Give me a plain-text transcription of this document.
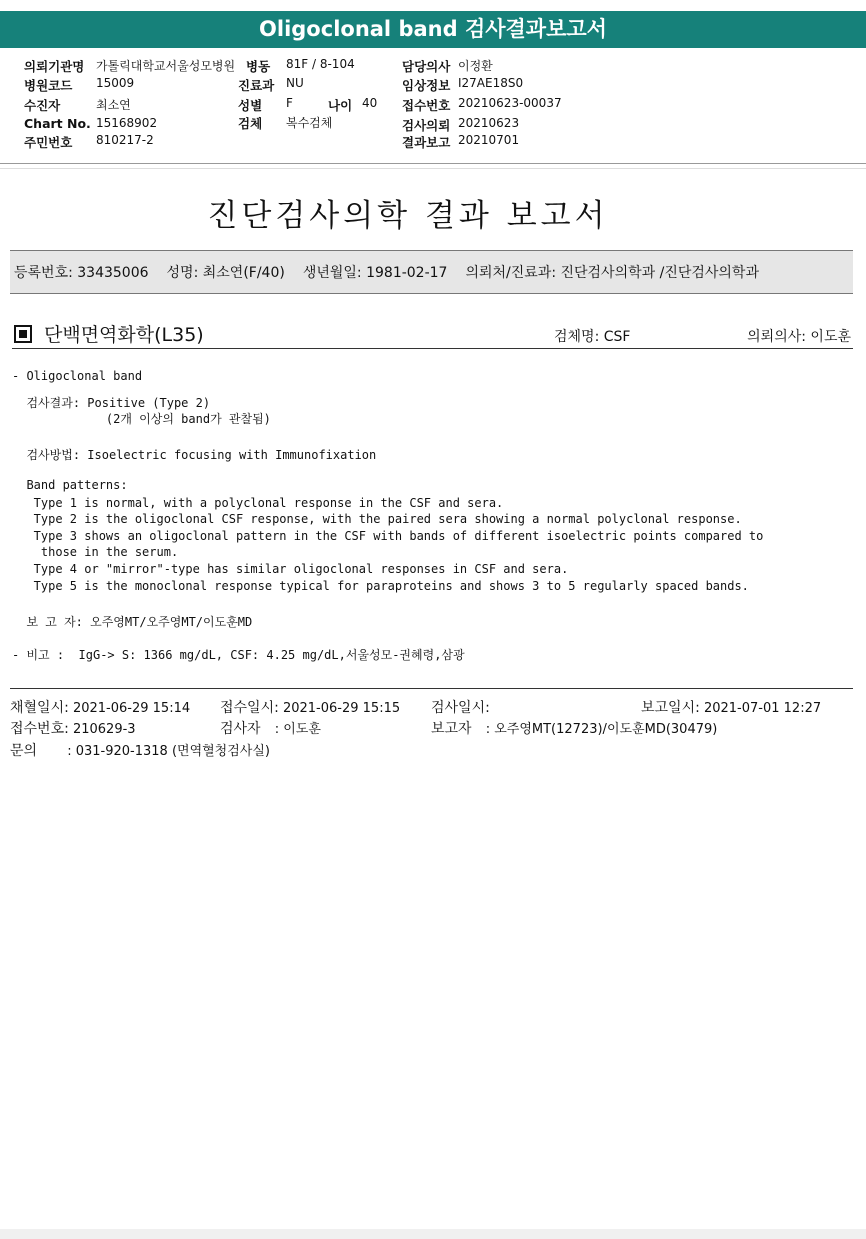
Oligoclonal band 검사결과보고서
의뢰기관명 가톨릭대학교서울성모병원 병동 81F / 8-104	담당의사 이정환
병원코드 15009	진료과 NU	임상정보 I27AE18S0
수진자	최소연	성별 F	나이 40 접수번호 20210623-00037
Chart No. 15168902	검체 복수검체	검사의뢰 20210623
주민번호 810217-2	결과보고 20210701
진단검사의학 결과 보고서
등록번호: 33435006 성명: 최소연(F/40) 생년월일: 1981-02-17 의뢰처/진료과: 진단검사의학과 /진단검사의학과
단백면역화학(L35)	검체명: CSF	의뢰의사: 이도훈
- Oligoclonal band
검사결과: Positive (Type 2)
(2개 이상의 band가 관찰됨)
검사방법: Isoelectric focusing with Immunofixation
Band patterns:
Type 1 is normal, with a polyclonal response in the CSF and sera.
Type 2 is the oligoclonal CSF response, with the paired sera showing a normal polyclonal response.
Type 3 shows an oligoclonal pattern in the CSF with bands of different isoelectric points compared to
those in the serum.
Type 4 or "mirror"-type has similar oligoclonal responses in CSF and sera.
Type 5 is the monoclonal response typical for paraproteins and shows 3 to 5 regularly spaced bands.
보 고 자: 오주영MT/오주영MT/이도훈MD
- 비고 :  IgG-> S: 1366 mg/dL, CSF: 4.25 mg/dL,서울성모-권혜령,삼광
채혈일시: 2021-06-29 15:14 접수일시: 2021-06-29 15:15 검사일시:	보고일시: 2021-07-01 12:27
접수번호: 210629-3	검사자 : 이도훈	보고자 : 오주영MT(12723)/이도훈MD(30479)
문의 : 031-920-1318 (면역혈청검사실)
